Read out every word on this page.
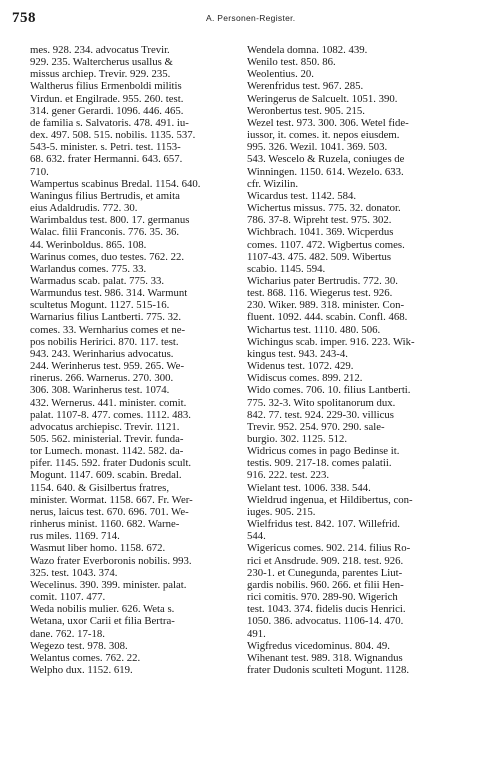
758	A. Personen-Register.
mes. 928. 234. advocatus Trevir.
929. 235. Waltercherus usallus &
missus archiep. Trevir. 929. 235.
Waltherus filius Ermenboldi militis
Virdun. et Engilrade. 955. 260. test.
314. gener Gerardi. 1096. 446. 465.
de familia s. Salvatoris. 478. 491. iu-
dex. 497. 508. 515. nobilis. 1135. 537.
543-5. minister. s. Petri. test. 1153-
68. 632. frater Hermanni. 643. 657.
710.
Wampertus scabinus Bredal. 1154. 640.
Waningus filius Bertrudis, et amita
eius Adaldrudis. 772. 30.
Warimbaldus test. 800. 17. germanus
Walac. filii Franconis. 776. 35. 36.
44. Werinboldus. 865. 108.
Warinus comes, duo testes. 762. 22.
Warlandus comes. 775. 33.
Warmadus scab. palat. 775. 33.
Warmundus test. 986. 314. Warmunt
scultetus Mogunt. 1127. 515-16.
Warnarius filius Lantberti. 775. 32.
comes. 33. Wernharius comes et ne-
pos nobilis Heririci. 870. 117. test.
943. 243. Werinharius advocatus.
244. Werinherus test. 959. 265. We-
rinerus. 266. Warnerus. 270. 300.
306. 308. Warinherus test. 1074.
432. Wernerus. 441. minister. comit.
palat. 1107-8. 477. comes. 1112. 483.
advocatus archiepisc. Trevir. 1121.
505. 562. ministerial. Trevir. funda-
tor Lumech. monast. 1142. 582. da-
pifer. 1145. 592. frater Dudonis scult.
Mogunt. 1147. 609. scabin. Bredal.
1154. 640. & Gisilbertus fratres,
minister. Wormat. 1158. 667. Fr. Wer-
nerus, laicus test. 670. 696. 701. We-
rinherus minist. 1160. 682. Warne-
rus miles. 1169. 714.
Wasmut liber homo. 1158. 672.
Wazo frater Everboronis nobilis. 993.
325. test. 1043. 374.
Wecelinus. 390. 399. minister. palat.
comit. 1107. 477.
Weda nobilis mulier. 626. Weta s.
Wetana, uxor Carii et filia Bertra-
dane. 762. 17-18.
Wegezo test. 978. 308.
Welantus comes. 762. 22.
Welpho dux. 1152. 619.
Wendela domna. 1082. 439.
Wenilo test. 850. 86.
Weolentius. 20.
Werenfridus test. 967. 285.
Weringerus de Salcuelt. 1051. 390.
Weronbertus test. 905. 215.
Wezel test. 973. 300. 306. Wetel fide-
iussor, it. comes. it. nepos eiusdem.
995. 326. Wezil. 1041. 369. 503.
543. Wescelo & Ruzela, coniuges de
Winningen. 1150. 614. Wezelo. 633.
cfr. Wizilin.
Wicardus test. 1142. 584.
Wichertus missus. 775. 32. donator.
786. 37-8. Wipreht test. 975. 302.
Wichbrach. 1041. 369. Wicperdus
comes. 1107. 472. Wigbertus comes.
1107-43. 475. 482. 509. Wibertus
scabio. 1145. 594.
Wicharius pater Bertrudis. 772. 30.
test. 868. 116. Wiegerus test. 926.
230. Wiker. 989. 318. minister. Con-
fluent. 1092. 444. scabin. Confl. 468.
Wichartus test. 1110. 480. 506.
Wichingus scab. imper. 916. 223. Wik-
kingus test. 943. 243-4.
Widenus test. 1072. 429.
Widiscus comes. 899. 212.
Wido comes. 706. 10. filius Lantberti.
775. 32-3. Wito spolitanorum dux.
842. 77. test. 924. 229-30. villicus
Trevir. 952. 254. 970. 290. sale-
burgio. 302. 1125. 512.
Widricus comes in pago Bedinse it.
testis. 909. 217-18. comes palatii.
916. 222. test. 223.
Wielant test. 1006. 338. 544.
Wieldrud ingenua, et Hildibertus, con-
iuges. 905. 215.
Wielfridus test. 842. 107. Willefrid.
544.
Wigericus comes. 902. 214. filius Ro-
rici et Ansdrude. 909. 218. test. 926.
230-1. et Cunegunda, parentes Liut-
gardis nobilis. 960. 266. et filii Hen-
rici comitis. 970. 289-90. Wigerich
test. 1043. 374. fidelis ducis Henrici.
1050. 386. advocatus. 1106-14. 470.
491.
Wigfredus vicedominus. 804. 49.
Wihenant test. 989. 318. Wignandus
frater Dudonis sculteti Mogunt. 1128.
